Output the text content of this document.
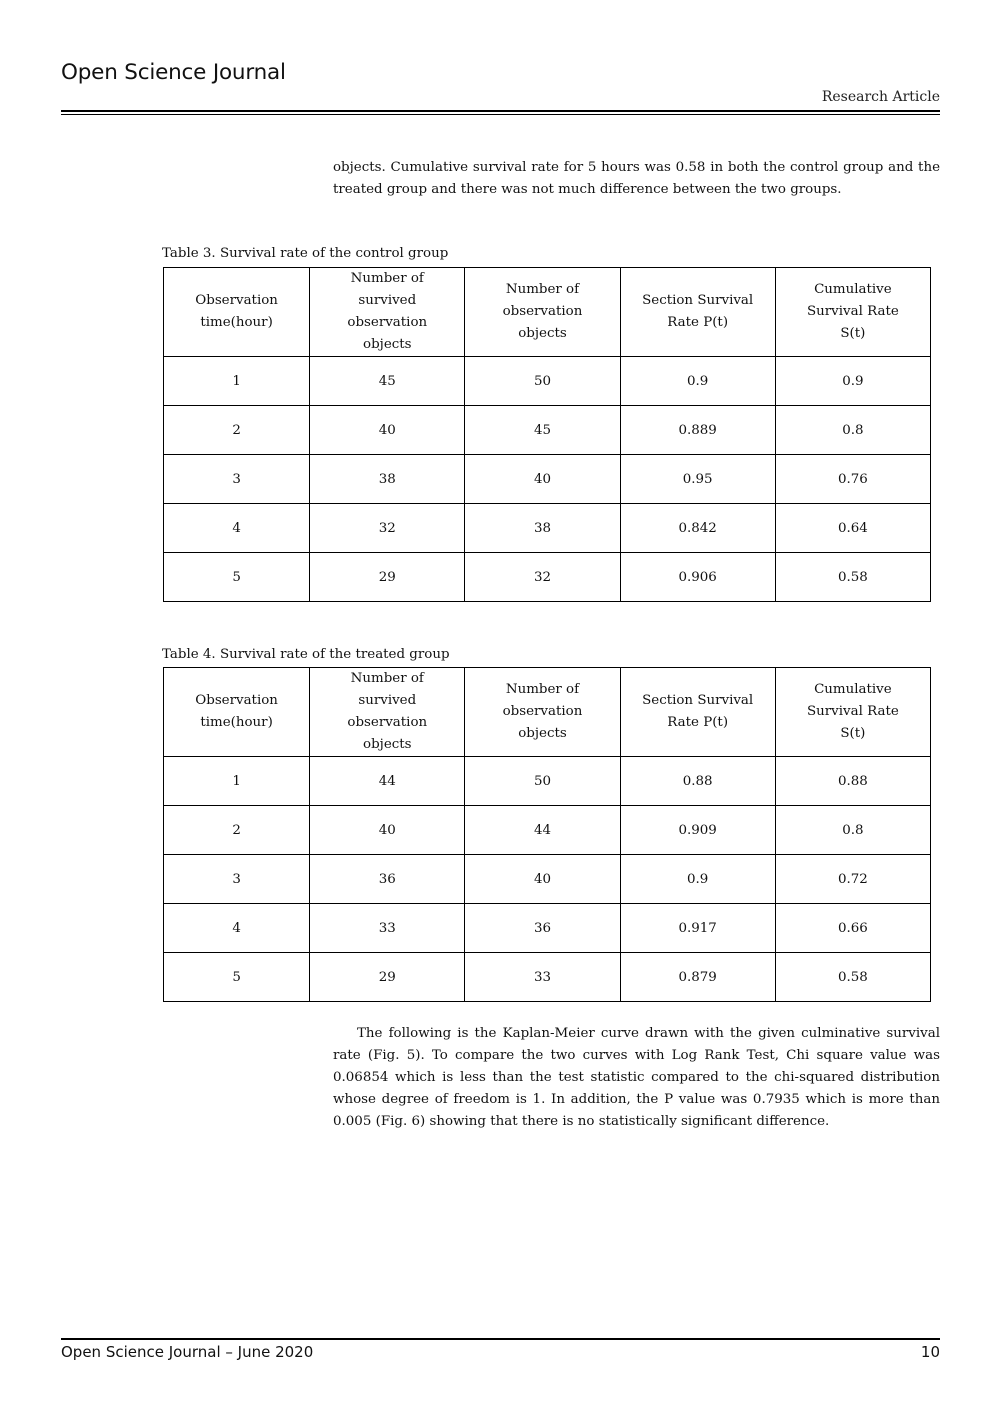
Open Science Journal
Research Article

objects. Cumulative survival rate for 5 hours was 0.58 in both the control group and the treated group and there was not much difference between the two groups.

Table 3. Survival rate of the control group
Observation time(hour)	Number of survived observation objects	Number of observation objects	Section Survival Rate P(t)	Cumulative Survival Rate S(t)
1	45	50	0.9	0.9
2	40	45	0.889	0.8
3	38	40	0.95	0.76
4	32	38	0.842	0.64
5	29	32	0.906	0.58
Table 4. Survival rate of the treated group
Observation time(hour)	Number of survived observation objects	Number of observation objects	Section Survival Rate P(t)	Cumulative Survival Rate S(t)
1	44	50	0.88	0.88
2	40	44	0.909	0.8
3	36	40	0.9	0.72
4	33	36	0.917	0.66
5	29	33	0.879	0.58

The following is the Kaplan-Meier curve drawn with the given culminative survival rate (Fig. 5). To compare the two curves with Log Rank Test, Chi square value was 0.06854 which is less than the test statistic compared to the chi-squared distribution whose degree of freedom is 1. In addition, the P value was 0.7935 which is more than 0.005 (Fig. 6) showing that there is no statistically significant difference.

Open Science Journal – June 2020	10
